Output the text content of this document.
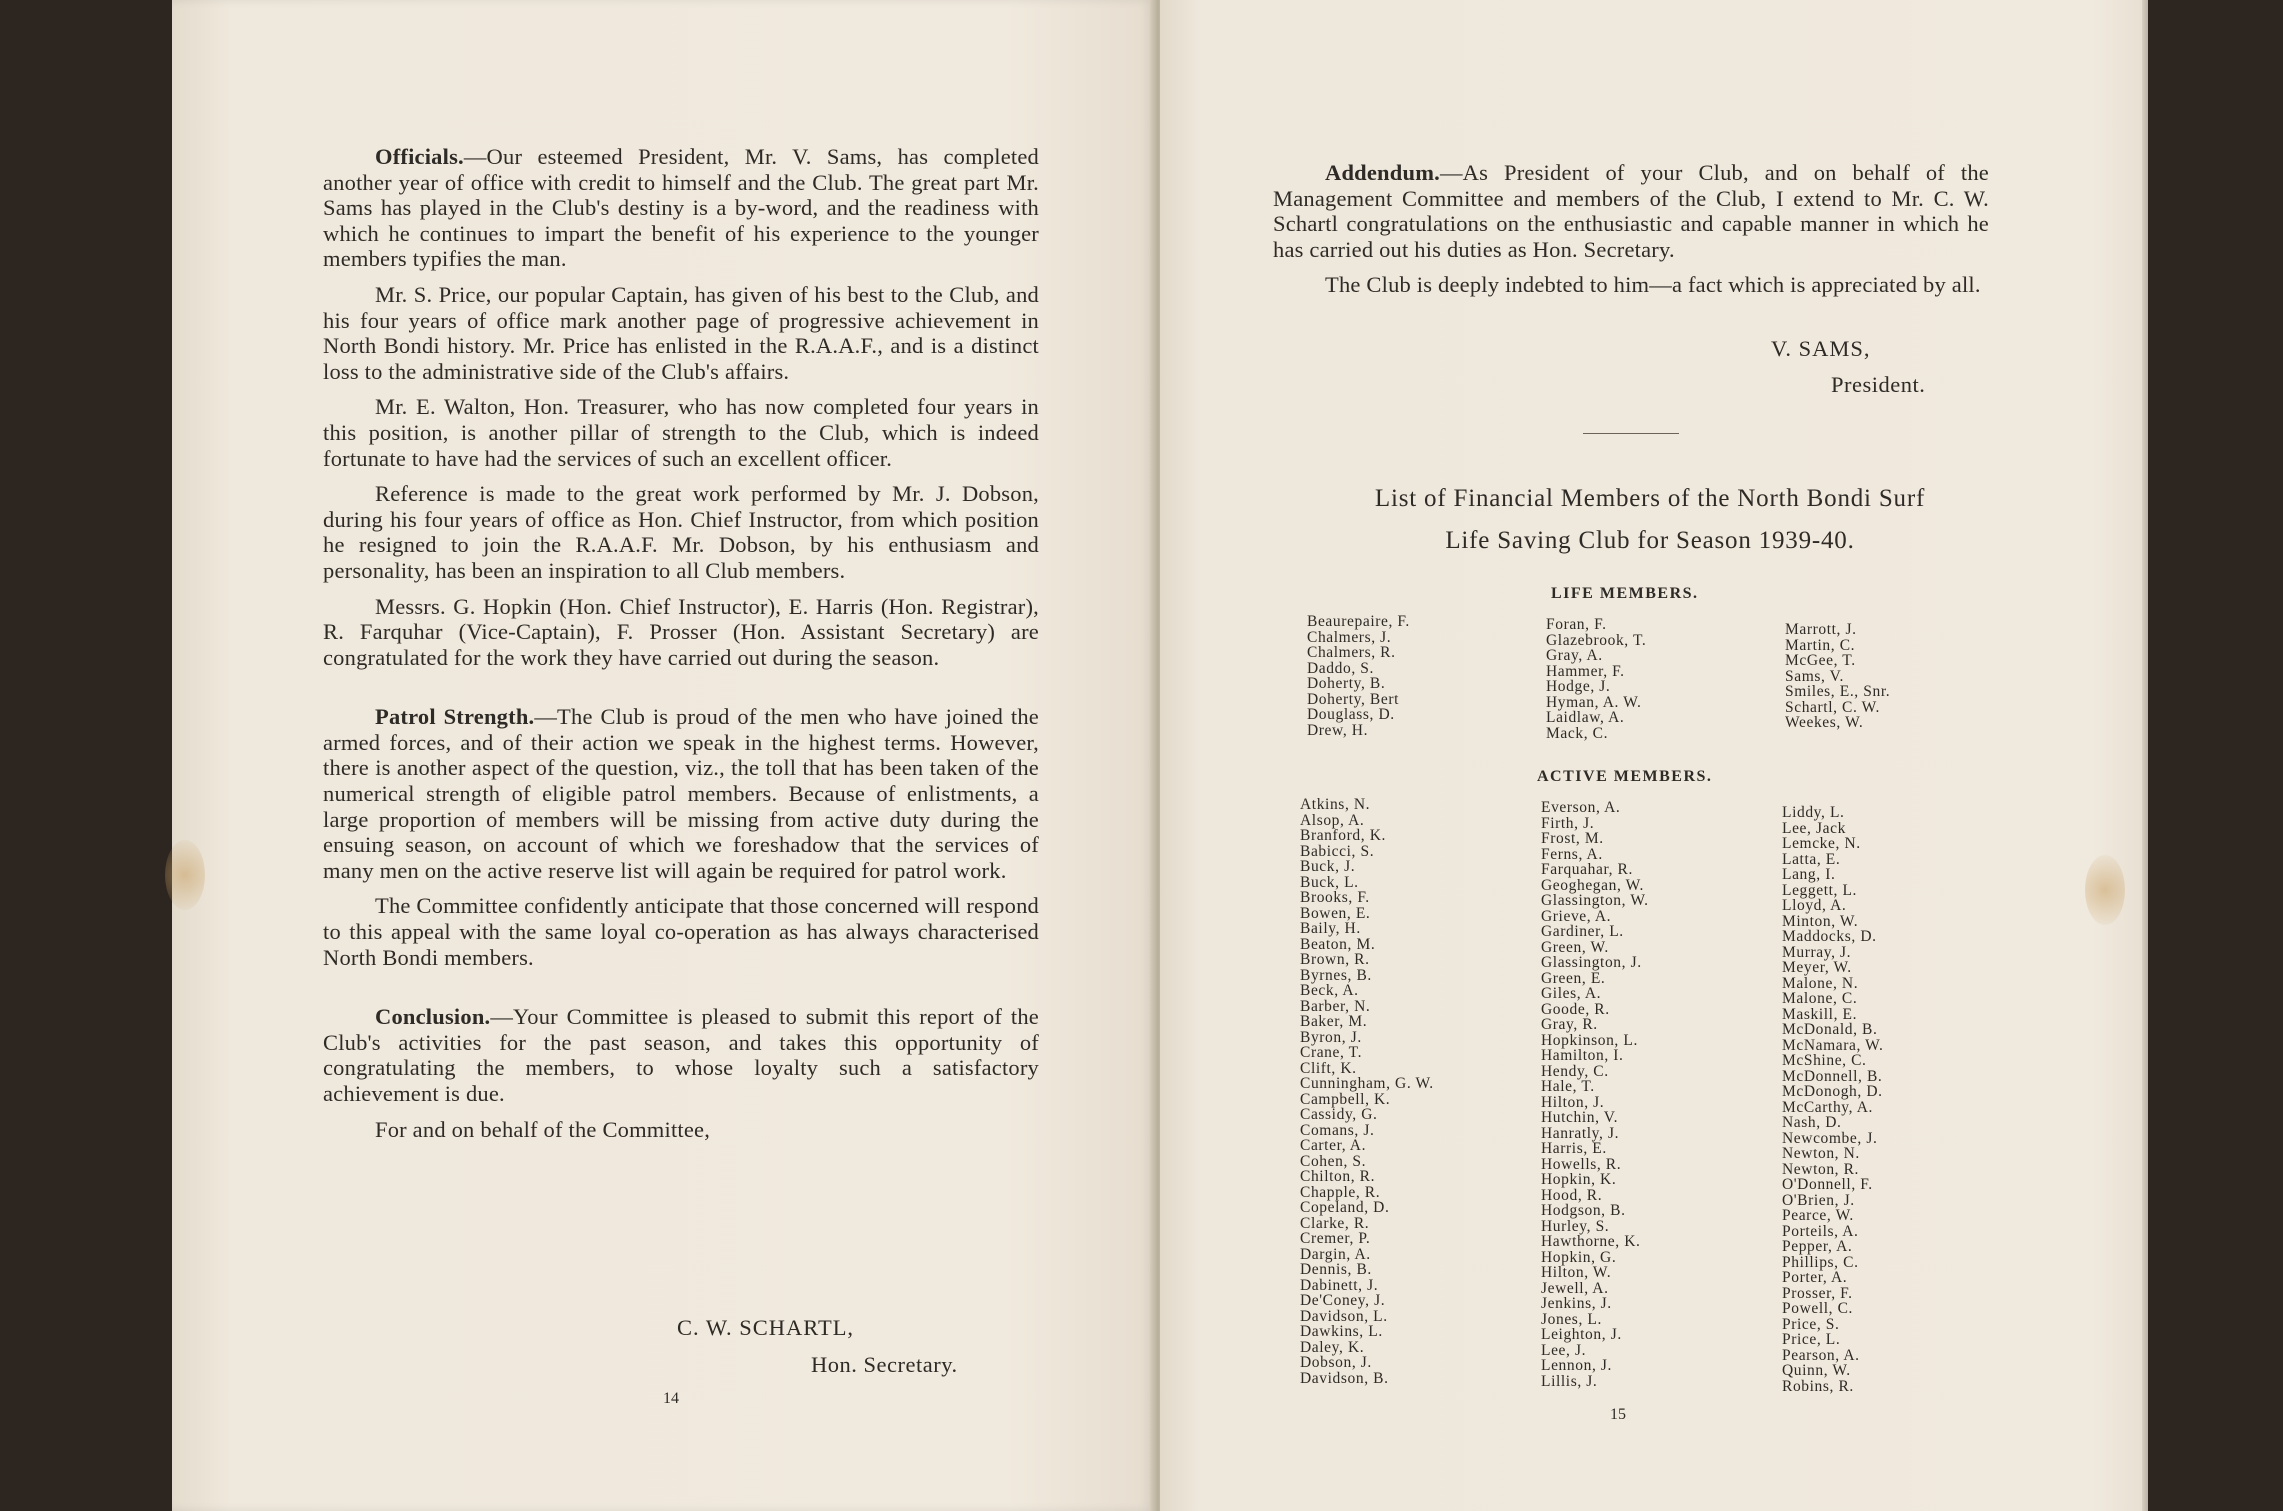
Officials.—Our esteemed President, Mr. V. Sams, has completed another year of office with credit to himself and the Club. The great part Mr. Sams has played in the Club's destiny is a by-word, and the readiness with which he continues to impart the benefit of his experience to the younger members typifies the man.

Mr. S. Price, our popular Captain, has given of his best to the Club, and his four years of office mark another page of progressive achievement in North Bondi history. Mr. Price has enlisted in the R.A.A.F., and is a distinct loss to the administrative side of the Club's affairs.

Mr. E. Walton, Hon. Treasurer, who has now completed four years in this position, is another pillar of strength to the Club, which is indeed fortunate to have had the services of such an excellent officer.

Reference is made to the great work performed by Mr. J. Dobson, during his four years of office as Hon. Chief Instructor, from which position he resigned to join the R.A.A.F. Mr. Dobson, by his enthusiasm and personality, has been an inspiration to all Club members.

Messrs. G. Hopkin (Hon. Chief Instructor), E. Harris (Hon. Registrar), R. Farquhar (Vice-Captain), F. Prosser (Hon. Assistant Secretary) are congratulated for the work they have carried out during the season.

Patrol Strength.—The Club is proud of the men who have joined the armed forces, and of their action we speak in the highest terms. However, there is another aspect of the question, viz., the toll that has been taken of the numerical strength of eligible patrol members. Because of enlistments, a large proportion of members will be missing from active duty during the ensuing season, on account of which we foreshadow that the services of many men on the active reserve list will again be required for patrol work.

The Committee confidently anticipate that those concerned will respond to this appeal with the same loyal co-operation as has always characterised North Bondi members.

Conclusion.—Your Committee is pleased to submit this report of the Club's activities for the past season, and takes this opportunity of congratulating the members, to whose loyalty such a satisfactory achievement is due.

For and on behalf of the Committee,

C. W. SCHARTL,
Hon. Secretary.
14

Addendum.—As President of your Club, and on behalf of the Management Committee and members of the Club, I extend to Mr. C. W. Schartl congratulations on the enthusiastic and capable manner in which he has carried out his duties as Hon. Secretary.

The Club is deeply indebted to him—a fact which is appreciated by all.

V. SAMS,
President.
List of Financial Members of the North Bondi Surf
Life Saving Club for Season 1939-40.
LIFE MEMBERS.
Beaurepaire, F.
Chalmers, J.
Chalmers, R.
Daddo, S.
Doherty, B.
Doherty, Bert
Douglass, D.
Drew, H.
Foran, F.
Glazebrook, T.
Gray, A.
Hammer, F.
Hodge, J.
Hyman, A. W.
Laidlaw, A.
Mack, C.
Marrott, J.
Martin, C.
McGee, T.
Sams, V.
Smiles, E., Snr.
Schartl, C. W.
Weekes, W.
ACTIVE MEMBERS.
Atkins, N.
Alsop, A.
Branford, K.
Babicci, S.
Buck, J.
Buck, L.
Brooks, F.
Bowen, E.
Baily, H.
Beaton, M.
Brown, R.
Byrnes, B.
Beck, A.
Barber, N.
Baker, M.
Byron, J.
Crane, T.
Clift, K.
Cunningham, G. W.
Campbell, K.
Cassidy, G.
Comans, J.
Carter, A.
Cohen, S.
Chilton, R.
Chapple, R.
Copeland, D.
Clarke, R.
Cremer, P.
Dargin, A.
Dennis, B.
Dabinett, J.
De'Coney, J.
Davidson, L.
Dawkins, L.
Daley, K.
Dobson, J.
Davidson, B.
Everson, A.
Firth, J.
Frost, M.
Ferns, A.
Farquahar, R.
Geoghegan, W.
Glassington, W.
Grieve, A.
Gardiner, L.
Green, W.
Glassington, J.
Green, E.
Giles, A.
Goode, R.
Gray, R.
Hopkinson, L.
Hamilton, I.
Hendy, C.
Hale, T.
Hilton, J.
Hutchin, V.
Hanratly, J.
Harris, E.
Howells, R.
Hopkin, K.
Hood, R.
Hodgson, B.
Hurley, S.
Hawthorne, K.
Hopkin, G.
Hilton, W.
Jewell, A.
Jenkins, J.
Jones, L.
Leighton, J.
Lee, J.
Lennon, J.
Lillis, J.
Liddy, L.
Lee, Jack
Lemcke, N.
Latta, E.
Lang, I.
Leggett, L.
Lloyd, A.
Minton, W.
Maddocks, D.
Murray, J.
Meyer, W.
Malone, N.
Malone, C.
Maskill, E.
McDonald, B.
McNamara, W.
McShine, C.
McDonnell, B.
McDonogh, D.
McCarthy, A.
Nash, D.
Newcombe, J.
Newton, N.
Newton, R.
O'Donnell, F.
O'Brien, J.
Pearce, W.
Porteils, A.
Pepper, A.
Phillips, C.
Porter, A.
Prosser, F.
Powell, C.
Price, S.
Price, L.
Pearson, A.
Quinn, W.
Robins, R.
15
